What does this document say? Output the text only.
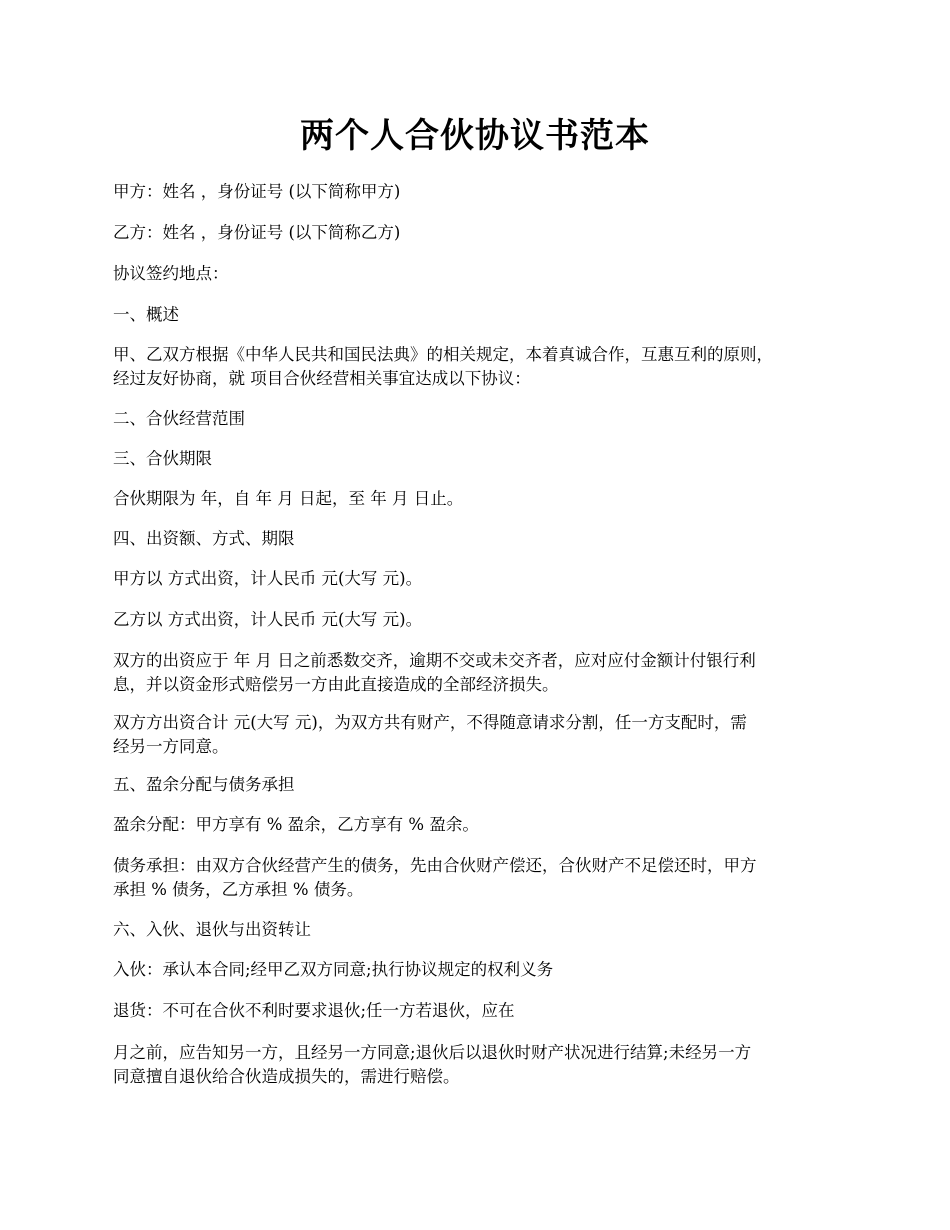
两个人合伙协议书范本
甲方：姓名 ，身份证号 (以下简称甲方)
乙方：姓名 ，身份证号 (以下简称乙方)
协议签约地点：
一、概述
甲、乙双方根据《中华人民共和国民法典》的相关规定，本着真诚合作，互惠互利的原则，
经过友好协商，就 项目合伙经营相关事宜达成以下协议：
二、合伙经营范围
三、合伙期限
合伙期限为 年，自 年 月 日起，至 年 月 日止。
四、出资额、方式、期限
甲方以 方式出资，计人民币 元(大写 元)。
乙方以 方式出资，计人民币 元(大写 元)。
双方的出资应于 年 月 日之前悉数交齐，逾期不交或未交齐者，应对应付金额计付银行利
息，并以资金形式赔偿另一方由此直接造成的全部经济损失。
双方方出资合计 元(大写 元)，为双方共有财产，不得随意请求分割，任一方支配时，需
经另一方同意。
五、盈余分配与债务承担
盈余分配：甲方享有 % 盈余，乙方享有 % 盈余。
债务承担：由双方合伙经营产生的债务，先由合伙财产偿还，合伙财产不足偿还时，甲方
承担 % 债务，乙方承担 % 债务。
六、入伙、退伙与出资转让
入伙：承认本合同;经甲乙双方同意;执行协议规定的权利义务
退货：不可在合伙不利时要求退伙;任一方若退伙，应在
月之前，应告知另一方，且经另一方同意;退伙后以退伙时财产状况进行结算;未经另一方
同意擅自退伙给合伙造成损失的，需进行赔偿。
